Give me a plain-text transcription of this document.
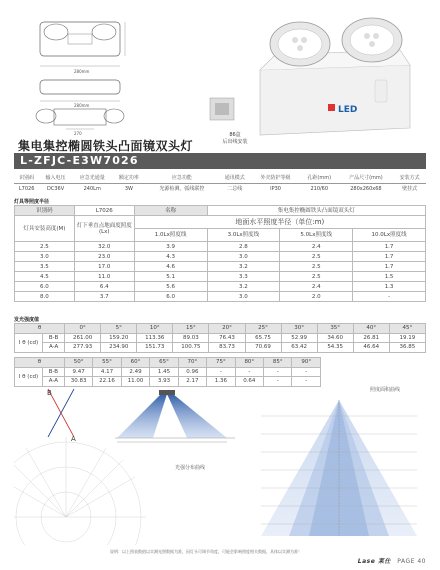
280mm
280mm
270
LED
86盒
后出线安装
集电集控椭圆铁头凸面镜双头灯
L-ZFJC-E3W7026
识别码	输入电压	应急光通量	额定功率	应急功能	通讯模式	外壳防护等级	孔距(mm)	产品尺寸(mm)	安装方式
L7026	DC36V	240Lm	3W	光源检测、弧线联控	二总线	IP30	210/60	280x260x68	壁挂式
灯具等照度半径
识别码	L7026	名称	集电集控椭圆铁头凸面镜双头灯		
灯具安装高度(M)	灯下垂直点地面度照度(Lx)	地面水平照度半径（单位:m)			
		1.0Lx照度线	3.0Lx照度线	5.0Lx照度线	10.0Lx照度线
2.5	32.0	3.9	2.8	2.4	1.7
3.0	23.0	4.3	3.0	2.5	1.7
3.5	17.0	4.6	3.2	2.5	1.7
4.5	11.0	5.1	3.3	2.5	1.5
6.0	6.4	5.6	3.2	2.4	1.3
8.0	3.7	6.0	3.0	2.0	-
发光强度值
θ		0°	5°	10°	15°	20°	25°	30°	35°	40°	45°
I θ (cd)	B-B	261.00	159.20	113.36	89.03	76.43	65.75	52.99	34.60	26.81	19.19
	A-A	277.93	234.90	151.73	100.75	83.73	70.69	63.42	54.35	46.64	36.85
θ		50°	55°	60°	65°	70°	75°	80°	85°	90°
I θ (cd)	B-B	9.47	4.17	2.49	1.45	0.96	-	-	-	-
	A-A	30.83	22.16	11.00	3.93	2.17	1.36	0.64	-	-
B
A
光强分布曲线
照度面积曲线
说明：以上图表数值以实测光照数据为准，因灯头可调节角度，可能会影响照度相关数据，具体以实测为准！
Lase 莱仕 PAGE 40
